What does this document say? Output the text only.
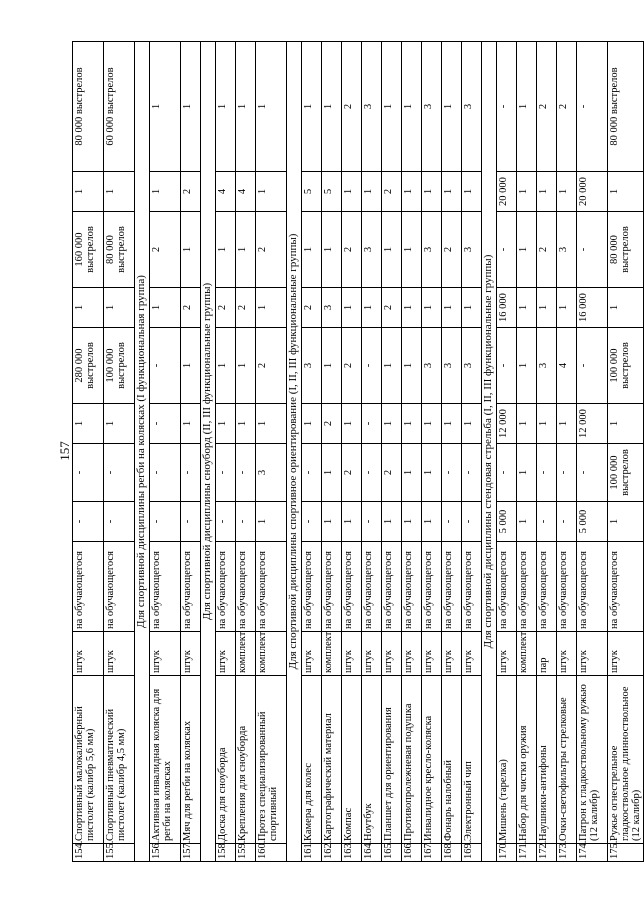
157
154.	Спортивный малокалиберный пистолет (калибр 5,6 мм)	штук	на обучающегося	-	-	1	280 000 выстрелов	1	160 000 выстрелов	1	80 000 выстрелов
155.	Спортивный пневматический пистолет (калибр 4,5 мм)	штук	на обучающегося	-	-	1	100 000 выстрелов	1	80 000 выстрелов	1	60 000 выстрелов
Для спортивной дисциплины регби на колясках (I функциональная группа)											
156.	Активная инвалидная коляска для регби на колясках	штук	на обучающегося	-	-	-	-	1	2	1	1
157.	Мяч для регби на колясках	штук	на обучающегося	-	-	1	1	2	1	2	1
Для спортивной дисциплины сноуборд (II, III функциональные группы)											
158.	Доска для сноуборда	штук	на обучающегося	-	-	1	1	2	1	4	1
159.	Крепления для сноуборда	комплект	на обучающегося	-	-	1	1	2	1	4	1
160.	Протез специализированный спортивный	комплект	на обучающегося	1	3	1	2	1	2	1	1
Для спортивной дисциплины спортивное ориентирование (I, II, III функциональные группы)											
161.	Камера для колес	штук	на обучающегося	-	-	1	3	2	1	5	1
162.	Картографический материал	комплект	на обучающегося	1	1	2	1	3	1	5	1
163.	Компас	штук	на обучающегося	1	2	1	2	1	2	1	2
164.	Ноутбук	штук	на обучающегося	-	-	-	-	1	3	1	3
165.	Планшет для ориентирования	штук	на обучающегося	1	2	1	1	2	1	2	1
166.	Противопролежневая подушка	штук	на обучающегося	1	1	1	1	1	1	1	1
167.	Инвалидное кресло-коляска	штук	на обучающегося	1	1	1	3	1	3	1	3
168.	Фонарь налобный	штук	на обучающегося	-	-	1	3	1	2	1	1
169.	Электронный чип	штук	на обучающегося	-	-	1	3	1	3	1	3
Для спортивной дисциплины стендовая стрельба (I, II, III функциональные группы)											
170.	Мишень (тарелка)	штук	на обучающегося	5 000	-	12 000	-	16 000	-	20 000	-
171.	Набор для чистки оружия	комплект	на обучающегося	1	1	1	1	1	1	1	1
172.	Наушники-антифоны	пар	на обучающегося	-	-	1	3	1	2	1	2
173.	Очки-светофильтры стрелковые	штук	на обучающегося	-	-	1	4	1	3	1	2
174.	Патрон к гладкоствольному ружью (12 калибр)	штук	на обучающегося	5 000	-	12 000	-	16 000	-	20 000	-
175.	Ружье огнестрельное гладкоствольное длинноствольное (12 калибр)	штук	на обучающегося	1	100 000 выстрелов	1	100 000 выстрелов	1	80 000 выстрелов	1	80 000 выстрелов
